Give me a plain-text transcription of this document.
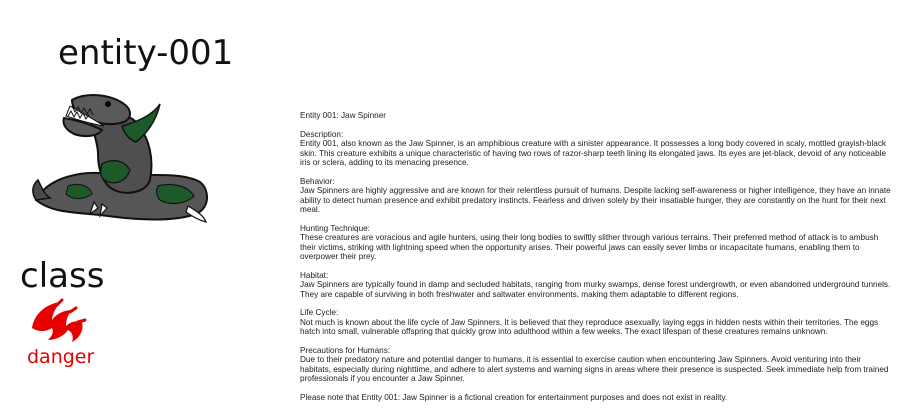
entity-001
class
danger
Entity 001: Jaw Spinner
Description:
Entity 001, also known as the Jaw Spinner, is an amphibious creature with a sinister appearance. It possesses a long body covered in scaly, mottled grayish-black skin. This creature exhibits a unique characteristic of having two rows of razor-sharp teeth lining its elongated jaws. Its eyes are jet-black, devoid of any noticeable iris or sclera, adding to its menacing presence.
Behavior:
Jaw Spinners are highly aggressive and are known for their relentless pursuit of humans. Despite lacking self-awareness or higher intelligence, they have an innate ability to detect human presence and exhibit predatory instincts. Fearless and driven solely by their insatiable hunger, they are constantly on the hunt for their next meal.
Hunting Technique:
These creatures are voracious and agile hunters, using their long bodies to swiftly slither through various terrains. Their preferred method of attack is to ambush their victims, striking with lightning speed when the opportunity arises. Their powerful jaws can easily sever limbs or incapacitate humans, enabling them to overpower their prey.
Habitat:
Jaw Spinners are typically found in damp and secluded habitats, ranging from murky swamps, dense forest undergrowth, or even abandoned underground tunnels. They are capable of surviving in both freshwater and saltwater environments, making them adaptable to different regions.
Life Cycle:
Not much is known about the life cycle of Jaw Spinners. It is believed that they reproduce asexually, laying eggs in hidden nests within their territories. The eggs hatch into small, vulnerable offspring that quickly grow into adulthood within a few weeks. The exact lifespan of these creatures remains unknown.
Precautions for Humans:
Due to their predatory nature and potential danger to humans, it is essential to exercise caution when encountering Jaw Spinners. Avoid venturing into their habitats, especially during nighttime, and adhere to alert systems and warning signs in areas where their presence is suspected. Seek immediate help from trained professionals if you encounter a Jaw Spinner.
Please note that Entity 001: Jaw Spinner is a fictional creation for entertainment purposes and does not exist in reality.
